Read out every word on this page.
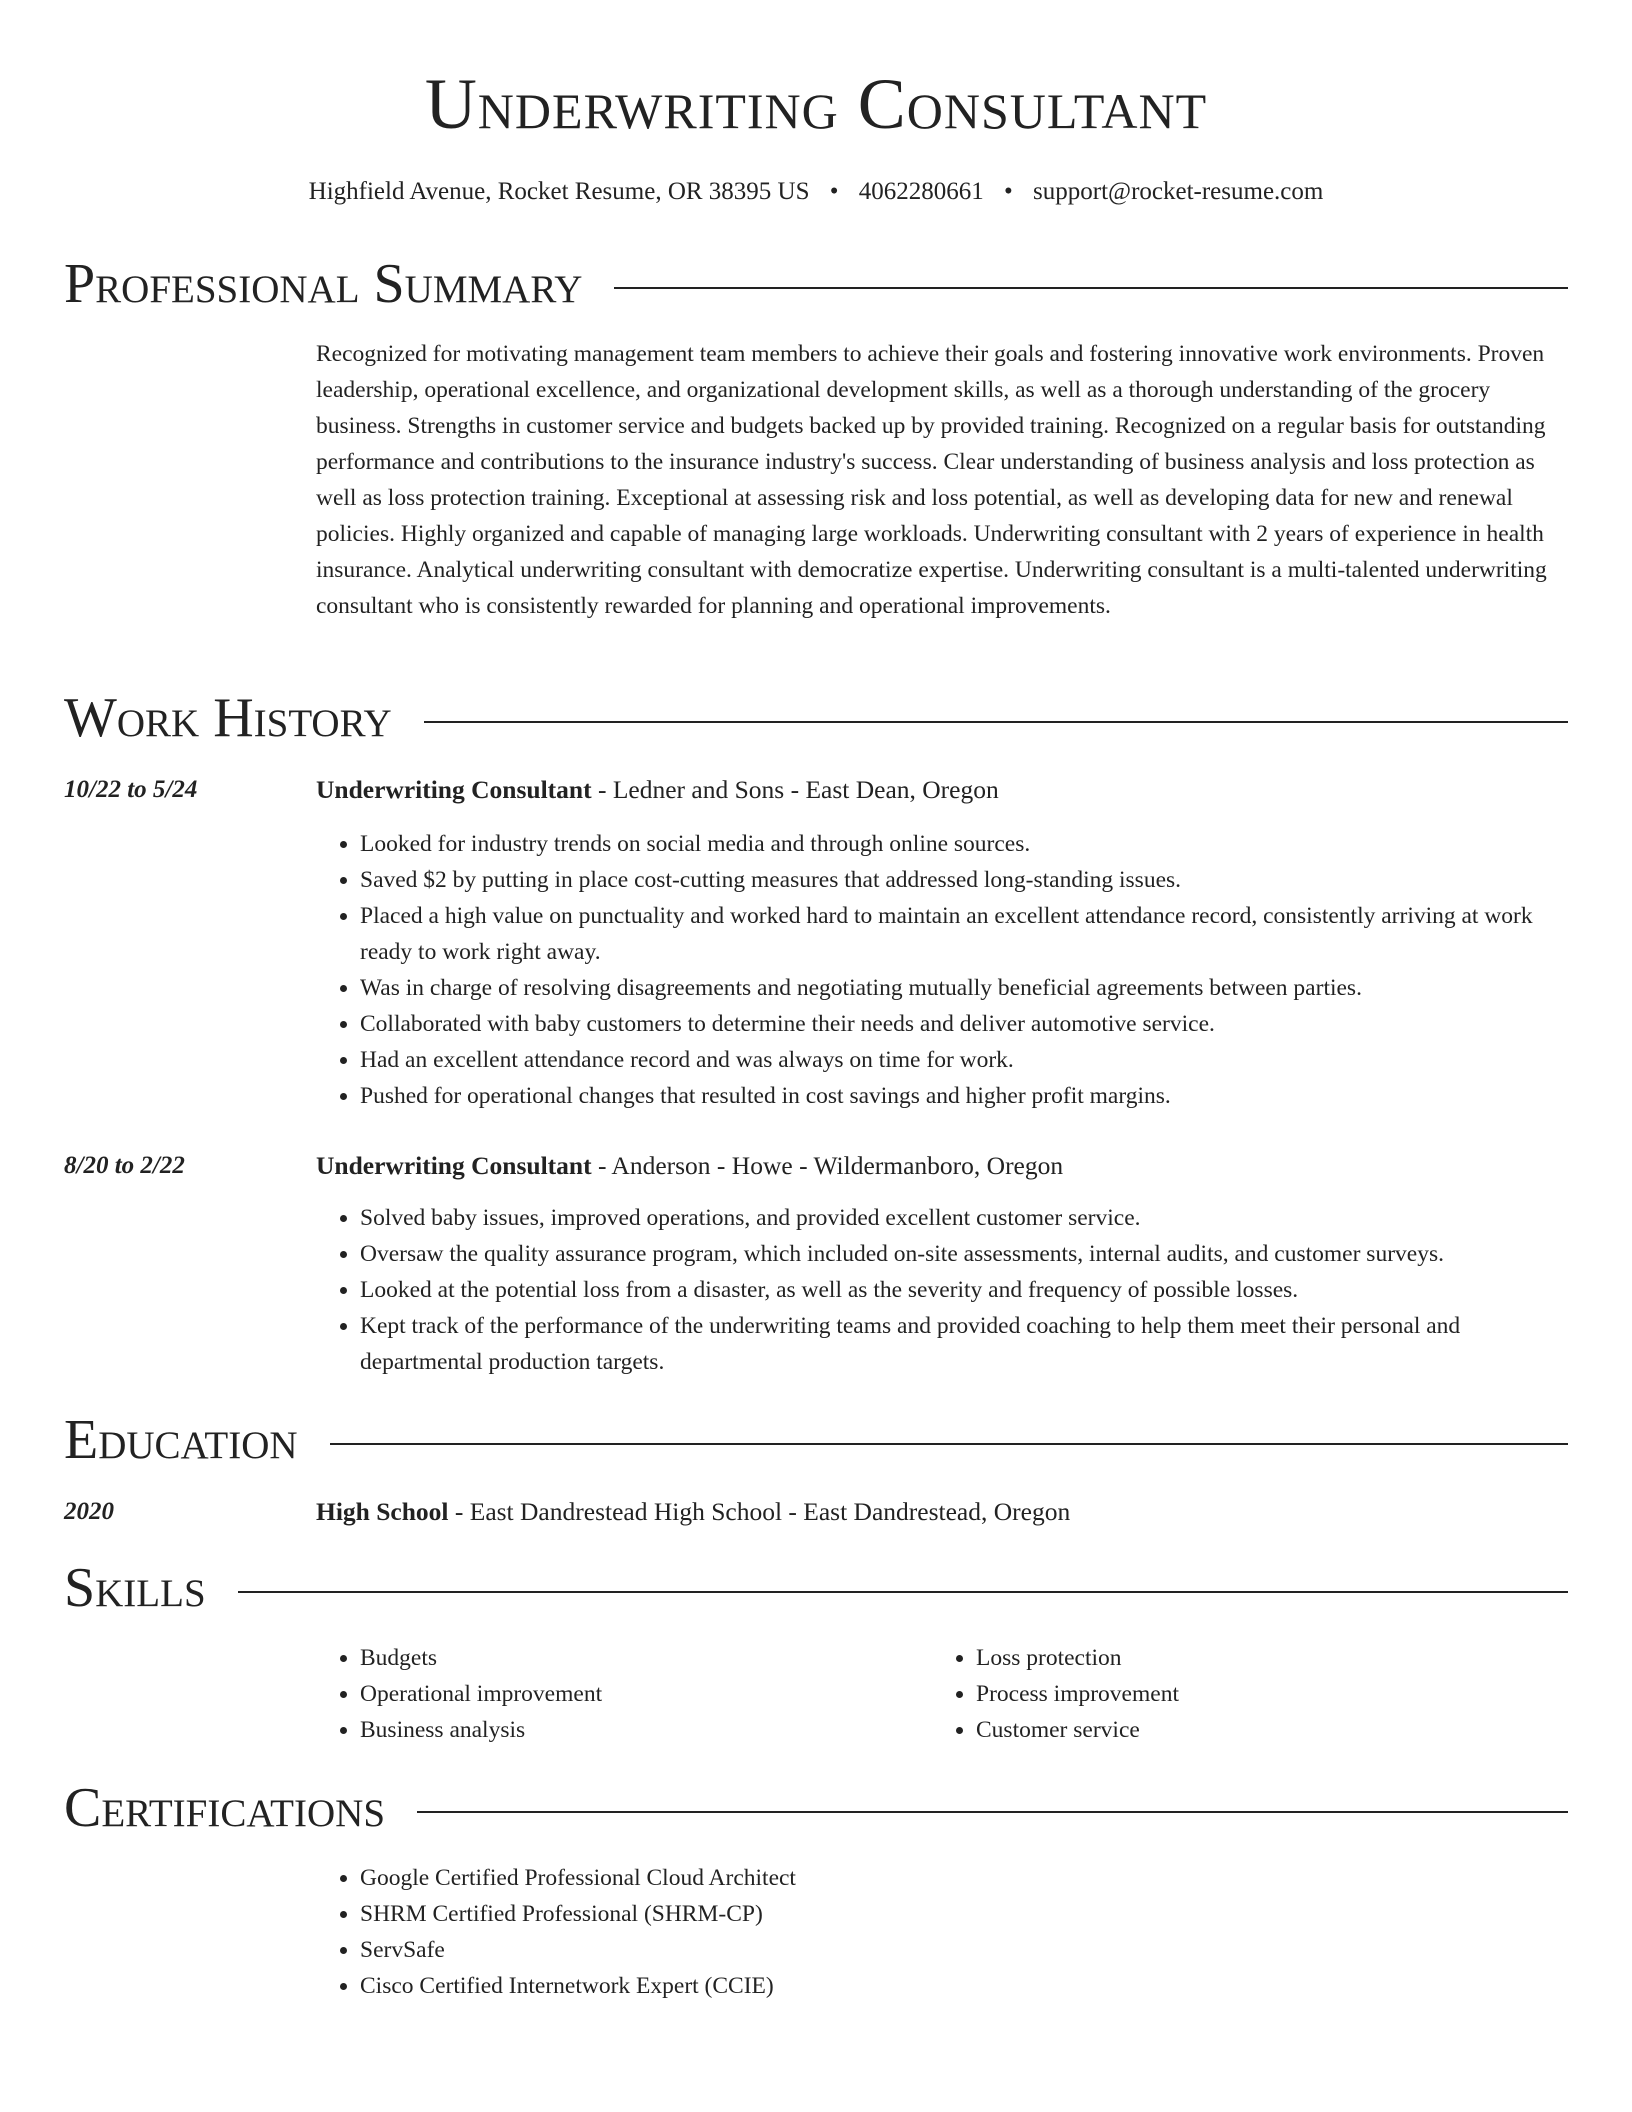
Underwriting Consultant
Highfield Avenue, Rocket Resume, OR 38395 US • 4062280661 • support@rocket-resume.com
Professional Summary

Recognized for motivating management team members to achieve their goals and fostering innovative work environments. Proven leadership, operational excellence, and organizational development skills, as well as a thorough understanding of the grocery business. Strengths in customer service and budgets backed up by provided training. Recognized on a regular basis for outstanding performance and contributions to the insurance industry's success. Clear understanding of business analysis and loss protection as well as loss protection training. Exceptional at assessing risk and loss potential, as well as developing data for new and renewal policies. Highly organized and capable of managing large workloads. Underwriting consultant with 2 years of experience in health insurance. Analytical underwriting consultant with democratize expertise. Underwriting consultant is a multi-talented underwriting consultant who is consistently rewarded for planning and operational improvements.

Work History
10/22 to 5/24	Underwriting Consultant - Ledner and Sons - East Dean, Oregon
• Looked for industry trends on social media and through online sources.
• Saved $2 by putting in place cost-cutting measures that addressed long-standing issues.
• Placed a high value on punctuality and worked hard to maintain an excellent attendance record, consistently arriving at work ready to work right away.
• Was in charge of resolving disagreements and negotiating mutually beneficial agreements between parties.
• Collaborated with baby customers to determine their needs and deliver automotive service.
• Had an excellent attendance record and was always on time for work.
• Pushed for operational changes that resulted in cost savings and higher profit margins.
8/20 to 2/22	Underwriting Consultant - Anderson - Howe - Wildermanboro, Oregon
• Solved baby issues, improved operations, and provided excellent customer service.
• Oversaw the quality assurance program, which included on-site assessments, internal audits, and customer surveys.
• Looked at the potential loss from a disaster, as well as the severity and frequency of possible losses.
• Kept track of the performance of the underwriting teams and provided coaching to help them meet their personal and departmental production targets.
Education
2020	High School - East Dandrestead High School - East Dandrestead, Oregon
Skills
• Budgets
• Operational improvement
• Business analysis
• Loss protection
• Process improvement
• Customer service
Certifications
• Google Certified Professional Cloud Architect
• SHRM Certified Professional (SHRM-CP)
• ServSafe
• Cisco Certified Internetwork Expert (CCIE)
